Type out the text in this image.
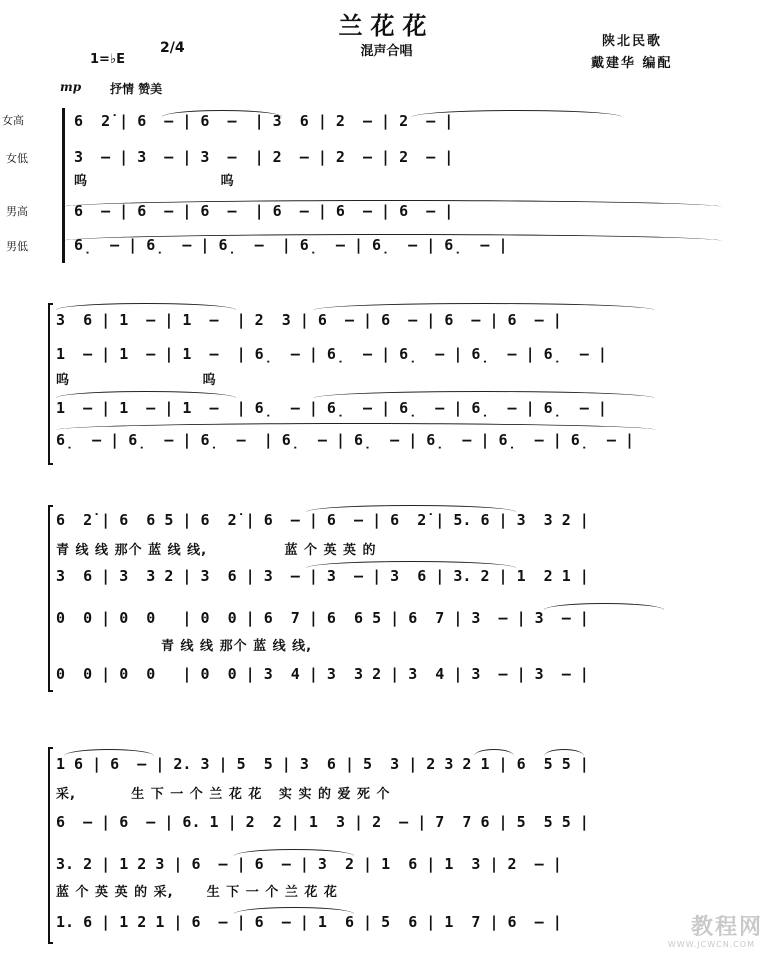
兰花花
混声合唱
陕北民歌
戴建华 编配
1=♭E
2/4
mp 抒情 赞美
女高
女低
男高
男低
6  2̇ | 6  – | 6  –  | 3  6 | 2  – | 2  – |
3  – | 3  – | 3  –  | 2  – | 2  – | 2  – |
呜                        呜
6  – | 6  – | 6  –  | 6  – | 6  – | 6  – |
6̣  – | 6̣  – | 6̣  –  | 6̣  – | 6̣  – | 6̣  – |
3  6 | 1  – | 1  –  | 2  3 | 6  – | 6  – | 6  – | 6  – |
1  – | 1  – | 1  –  | 6̣  – | 6̣  – | 6̣  – | 6̣  – | 6̣  – |
呜                        呜
1  – | 1  – | 1  –  | 6̣  – | 6̣  – | 6̣  – | 6̣  – | 6̣  – |
6̣  – | 6̣  – | 6̣  –  | 6̣  – | 6̣  – | 6̣  – | 6̣  – | 6̣  – |
6  2̇ | 6  6 5 | 6  2̇ | 6  – | 6  – | 6  2̇ | 5. 6 | 3  3 2 |
青 线 线 那个 蓝 线 线,              蓝 个 英 英 的
3  6 | 3  3 2 | 3  6 | 3  – | 3  – | 3  6 | 3. 2 | 1  2 1 |
0  0 | 0  0   | 0  0 | 6  7 | 6  6 5 | 6  7 | 3  – | 3  – |
青 线 线 那个 蓝 线 线,
0  0 | 0  0   | 0  0 | 3  4 | 3  3 2 | 3  4 | 3  – | 3  – |
1 6 | 6  – | 2. 3 | 5  5 | 3  6 | 5  3 | 2 3 2 1 | 6  5 5 |
采,          生 下 一 个 兰 花 花   实 实 的 爱 死 个
6  – | 6  – | 6. 1 | 2  2 | 1  3 | 2  – | 7  7 6 | 5  5 5 |
3. 2 | 1 2 3 | 6  – | 6  – | 3  2 | 1  6 | 1  3 | 2  – |
蓝 个 英 英 的 采,      生 下 一 个 兰 花 花
1. 6 | 1 2 1 | 6  – | 6  – | 1  6 | 5  6 | 1  7 | 6  – |	教程网
WWW.JCWCN.COM
